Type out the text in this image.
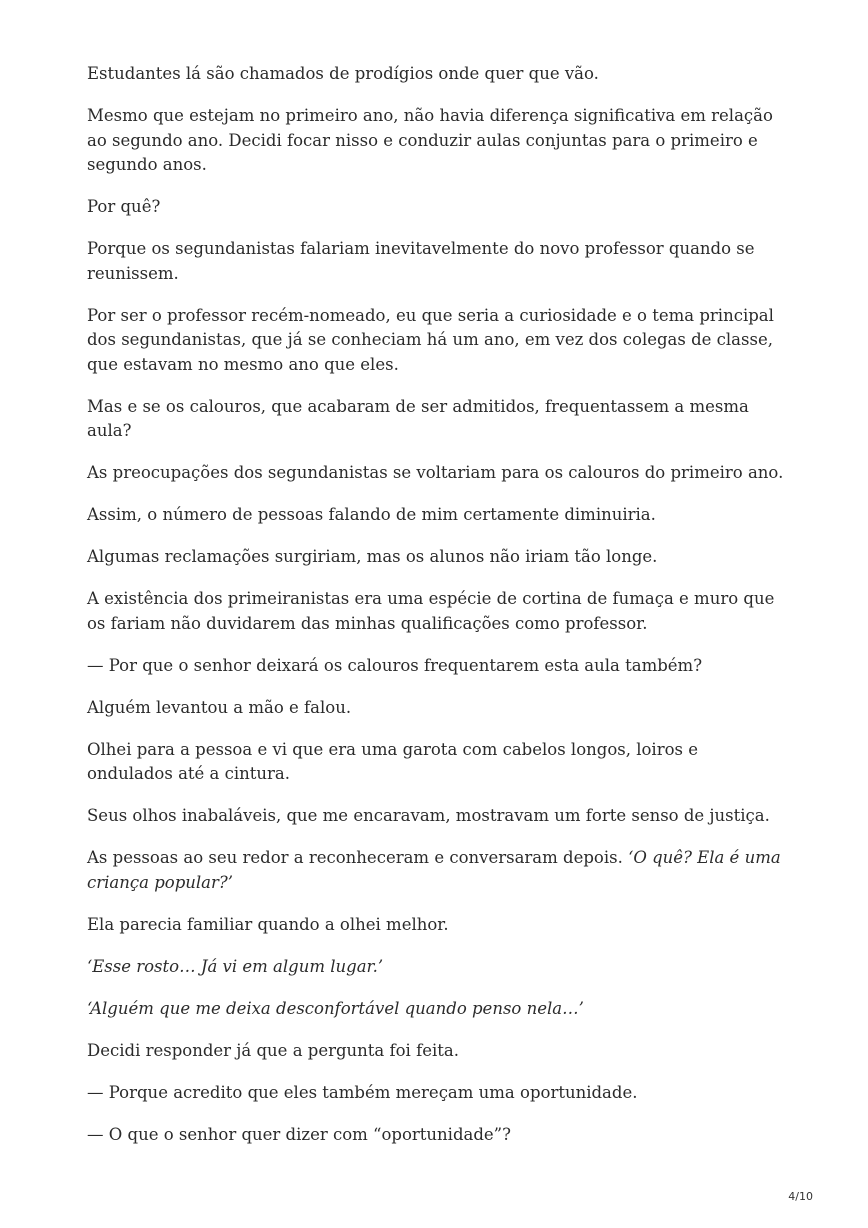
Estudantes lá são chamados de prodígios onde quer que vão.

Mesmo que estejam no primeiro ano, não havia diferença significativa em relação ao segundo ano. Decidi focar nisso e conduzir aulas conjuntas para o primeiro e segundo anos.

Por quê?

Porque os segundanistas falariam inevitavelmente do novo professor quando se reunissem.

Por ser o professor recém-nomeado, eu que seria a curiosidade e o tema principal dos segundanistas, que já se conheciam há um ano, em vez dos colegas de classe, que estavam no mesmo ano que eles.

Mas e se os calouros, que acabaram de ser admitidos, frequentassem a mesma aula?

As preocupações dos segundanistas se voltariam para os calouros do primeiro ano.

Assim, o número de pessoas falando de mim certamente diminuiria.

Algumas reclamações surgiriam, mas os alunos não iriam tão longe.

A existência dos primeiranistas era uma espécie de cortina de fumaça e muro que os fariam não duvidarem das minhas qualificações como professor.

— Por que o senhor deixará os calouros frequentarem esta aula também?

Alguém levantou a mão e falou.

Olhei para a pessoa e vi que era uma garota com cabelos longos, loiros e ondulados até a cintura.

Seus olhos inabaláveis, que me encaravam, mostravam um forte senso de justiça.

As pessoas ao seu redor a reconheceram e conversaram depois. ‘O quê? Ela é uma criança popular?’

Ela parecia familiar quando a olhei melhor.

‘Esse rosto… Já vi em algum lugar.’

‘Alguém que me deixa desconfortável quando penso nela…’

Decidi responder já que a pergunta foi feita.

— Porque acredito que eles também mereçam uma oportunidade.

— O que o senhor quer dizer com “oportunidade”?

4/10
